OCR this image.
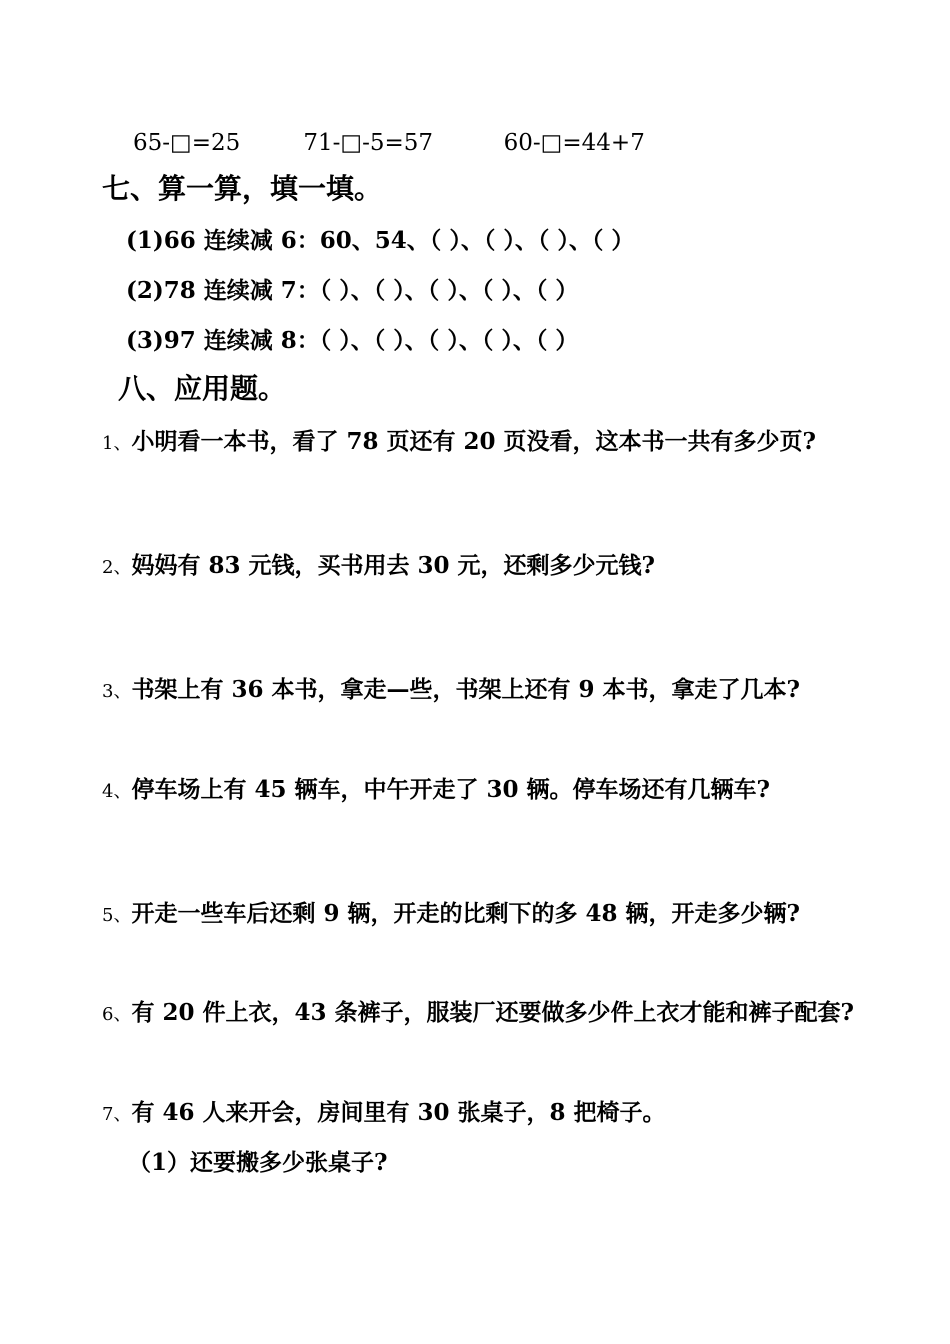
65-□=25	71-□-5=57	60-□=44+7
七、算一算，填一填。
(1)66 连续减 6：60、54、（ ）、（ ）、（ ）、（ ）
(2)78 连续减 7：（ ）、（ ）、（ ）、（ ）、（ ）
(3)97 连续减 8：（ ）、（ ）、（ ）、（ ）、（ ）
八、应用题。
1、小明看一本书，看了 78 页还有 20 页没看，这本书一共有多少页?
2、妈妈有 83 元钱，买书用去 30 元，还剩多少元钱?
3、书架上有 36 本书，拿走—些，书架上还有 9 本书，拿走了几本?
4、停车场上有 45 辆车，中午开走了 30 辆。停车场还有几辆车?
5、开走一些车后还剩 9 辆，开走的比剩下的多 48 辆，开走多少辆?
6、有 20 件上衣，43 条裤子，服装厂还要做多少件上衣才能和裤子配套?
7、有 46 人来开会，房间里有 30 张桌子，8 把椅子。
（1）还要搬多少张桌子?
